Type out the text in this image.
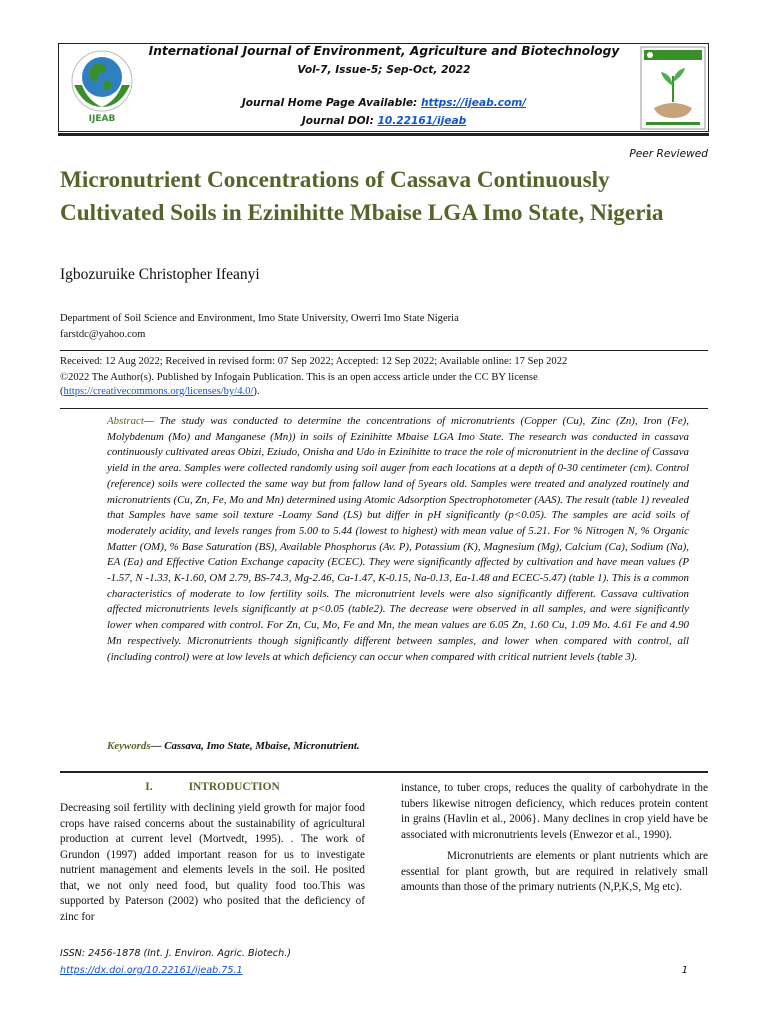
IJEAB
International Journal of Environment, Agriculture and Biotechnology
Vol-7, Issue-5; Sep-Oct, 2022
Journal Home Page Available: https://ijeab.com/
Journal DOI: 10.22161/ijeab
Peer Reviewed
Micronutrient Concentrations of Cassava Continuously Cultivated Soils in Ezinihitte Mbaise LGA Imo State, Nigeria
Igbozuruike Christopher Ifeanyi
Department of Soil Science and Environment, Imo State University, Owerri Imo State Nigeria
farstdc@yahoo.com
Received: 12 Aug 2022; Received in revised form: 07 Sep 2022; Accepted: 12 Sep 2022; Available online: 17 Sep 2022
©2022 The Author(s). Published by Infogain Publication. This is an open access article under the CC BY license
(https://creativecommons.org/licenses/by/4.0/).
Abstract— The study was conducted to determine the concentrations of micronutrients (Copper (Cu), Zinc (Zn), Iron (Fe), Molybdenum (Mo) and Manganese (Mn)) in soils of Ezinihitte Mbaise LGA Imo State. The research was conducted in cassava continuously cultivated areas Obizi, Eziudo, Onisha and Udo in Ezinihitte to trace the role of micronutrient in the decline of Cassava yield in the area. Samples were collected randomly using soil auger from each locations at a depth of 0-30 centimeter (cm). Control (reference) soils were collected the same way but from fallow land of 5years old. Samples were treated and analyzed routinely and micronutrients (Cu, Zn, Fe, Mo and Mn) determined using Atomic Adsorption Spectrophotometer (AAS). The result (table 1) revealed that Samples have same soil texture -Loamy Sand (LS) but differ in pH significantly (p<0.05). The samples are acid soils of moderately acidity, and levels ranges from 5.00 to 5.44 (lowest to highest) with mean value of 5.21. For % Nitrogen N, % Organic Matter (OM), % Base Saturation (BS), Available Phosphorus (Av. P), Potassium (K), Magnesium (Mg), Calcium (Ca), Sodium (Na), EA (Ea) and Effective Cation Exchange capacity (ECEC). They were significantly affected by cultivation and have mean values (P -1.57, N -1.33, K-1.60, OM 2.79, BS-74.3, Mg-2.46, Ca-1.47, K-0.15, Na-0.13, Ea-1.48 and ECEC-5.47) (table 1). This is a common characteristics of moderate to low fertility soils. The micronutrient levels were also significantly different. Cassava cultivation affected micronutrients levels significantly at p<0.05 (table2). The decrease were observed in all samples, and were significantly lower when compared with control. For Zn, Cu, Mo, Fe and Mn, the mean values are 6.05 Zn, 1.60 Cu, 1.09 Mo. 4.61 Fe and 4.90 Mn respectively. Micronutrients though significantly different between samples, and lower when compared with control, all (including control) were at low levels at which deficiency can occur when compared with critical nutrient levels (table 3).
Keywords— Cassava, Imo State, Mbaise, Micronutrient.
I.	INTRODUCTION

Decreasing soil fertility with declining yield growth for major food crops have raised concerns about the sustainability of agricultural production at current level (Mortvedt, 1995). . The work of Grundon (1997) added important reason for us to investigate nutrient management and elements levels in the soil. He posited that, we not only need food, but quality food too.This was supported by Paterson (2002) who posited that the deficiency of zinc for

instance, to tuber crops, reduces the quality of carbohydrate in the tubers likewise nitrogen deficiency, which reduces protein content in grains (Havlin et al., 2006}. Many declines in crop yield have be associated with micronutrients levels (Enwezor et al., 1990).

Micronutrients are elements or plant nutrients which are essential for plant growth, but are required in relatively small amounts than those of the primary nutrients (N,P,K,S, Mg etc).

ISSN: 2456-1878 (Int. J. Environ. Agric. Biotech.)
https://dx.doi.org/10.22161/ijeab.75.1	1
